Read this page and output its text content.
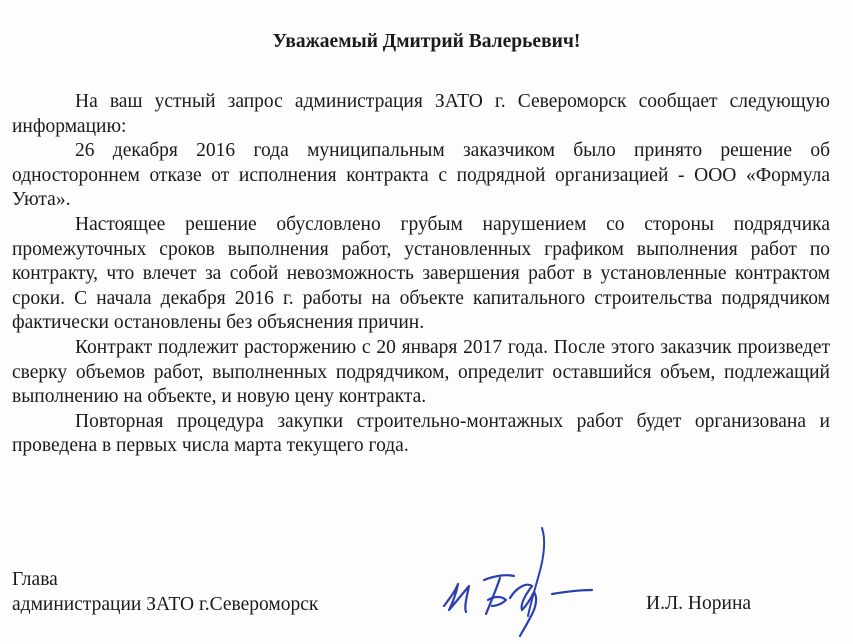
Уважаемый Дмитрий Валерьевич!

На ваш устный запрос администрация ЗАТО г. Североморск сообщает следующую информацию:

26 декабря 2016 года муниципальным заказчиком было принято решение об одностороннем отказе от исполнения контракта с подрядной организацией - ООО «Формула Уюта».

Настоящее решение обусловлено грубым нарушением со стороны подрядчика промежуточных сроков выполнения работ, установленных графиком выполнения работ по контракту, что влечет за собой невозможность завершения работ в установленные контрактом сроки. С начала декабря 2016 г. работы на объекте капитального строительства подрядчиком фактически остановлены без объяснения причин.

Контракт подлежит расторжению с 20 января 2017 года. После этого заказчик произведет сверку объемов работ, выполненных подрядчиком, определит оставшийся объем, подлежащий выполнению на объекте, и новую цену контракта.

Повторная процедура закупки строительно-монтажных работ будет организована и проведена в первых числа марта текущего года.

Глава
администрации ЗАТО г.Североморск	И.Л. Норина
